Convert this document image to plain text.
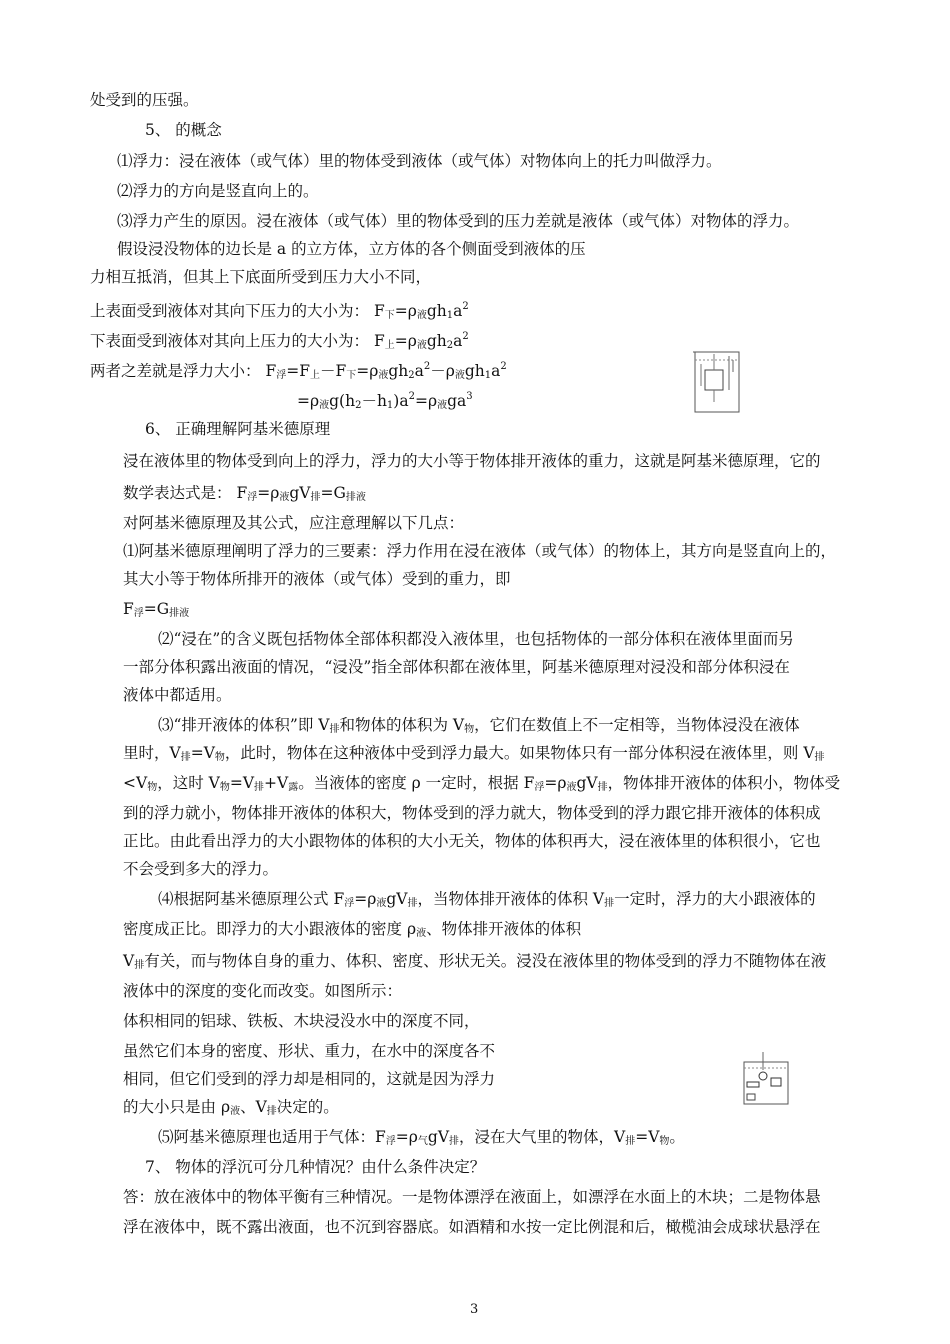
处受到的压强。
5、 的概念
⑴浮力：浸在液体（或气体）里的物体受到液体（或气体）对物体向上的托力叫做浮力。
⑵浮力的方向是竖直向上的。
⑶浮力产生的原因。浸在液体（或气体）里的物体受到的压力差就是液体（或气体）对物体的浮力。
假设浸没物体的边长是 a 的立方体，立方体的各个侧面受到液体的压
力相互抵消，但其上下底面所受到压力大小不同，
上表面受到液体对其向下压力的大小为： $F_下=\rho_液gh_1a^2$
下表面受到液体对其向上压力的大小为： $F_上=\rho_液gh_2a^2$
两者之差就是浮力大小： $F_浮=F_上-F_下=\rho_液gh_2a^2-\rho_液gh_1a^2$
$=\rho_液g(h_2-h_1)a^2=\rho_液ga^3$
6、 正确理解阿基米德原理
浸在液体里的物体受到向上的浮力，浮力的大小等于物体排开液体的重力，这就是阿基米德原理，它的
数学表达式是： $F_浮=\rho_液gV_排=G_{排液}$
对阿基米德原理及其公式，应注意理解以下几点：
⑴阿基米德原理阐明了浮力的三要素：浮力作用在浸在液体（或气体）的物体上，其方向是竖直向上的，
其大小等于物体所排开的液体（或气体）受到的重力，即
$F_浮=G_{排液}$
⑵“浸在”的含义既包括物体全部体积都没入液体里，也包括物体的一部分体积在液体里面而另
一部分体积露出液面的情况，“浸没”指全部体积都在液体里，阿基米德原理对浸没和部分体积浸在
液体中都适用。
⑶“排开液体的体积”即 $V_排$和物体的体积为 $V_物$，它们在数值上不一定相等，当物体浸没在液体
里时，$V_排=V_物$，此时，物体在这种液体中受到浮力最大。如果物体只有一部分体积浸在液体里，则 $V_排$
$<V_物$，这时 $V_物=V_排+V_露$。当液体的密度 ρ 一定时，根据 $F_浮=\rho_液gV_排$，物体排开液体的体积小，物体受
到的浮力就小，物体排开液体的体积大，物体受到的浮力就大，物体受到的浮力跟它排开液体的体积成
正比。由此看出浮力的大小跟物体的体积的大小无关，物体的体积再大，浸在液体里的体积很小，它也
不会受到多大的浮力。
⑷根据阿基米德原理公式 $F_浮=\rho_液gV_排$，当物体排开液体的体积 $V_排$一定时，浮力的大小跟液体的
密度成正比。即浮力的大小跟液体的密度 $\rho_液$、物体排开液体的体积
$V_排$有关，而与物体自身的重力、体积、密度、形状无关。浸没在液体里的物体受到的浮力不随物体在液
液体中的深度的变化而改变。如图所示：
体积相同的铝球、铁板、木块浸没水中的深度不同，
虽然它们本身的密度、形状、重力，在水中的深度各不
相同，但它们受到的浮力却是相同的，这就是因为浮力
的大小只是由 $\rho_液$、$V_排$决定的。
⑸阿基米德原理也适用于气体：$F_浮=\rho_气gV_排$，浸在大气里的物体，$V_排=V_物$。
7、 物体的浮沉可分几种情况？由什么条件决定？
答：放在液体中的物体平衡有三种情况。一是物体漂浮在液面上，如漂浮在水面上的木块；二是物体悬
浮在液体中，既不露出液面，也不沉到容器底。如酒精和水按一定比例混和后，橄榄油会成球状悬浮在
3
